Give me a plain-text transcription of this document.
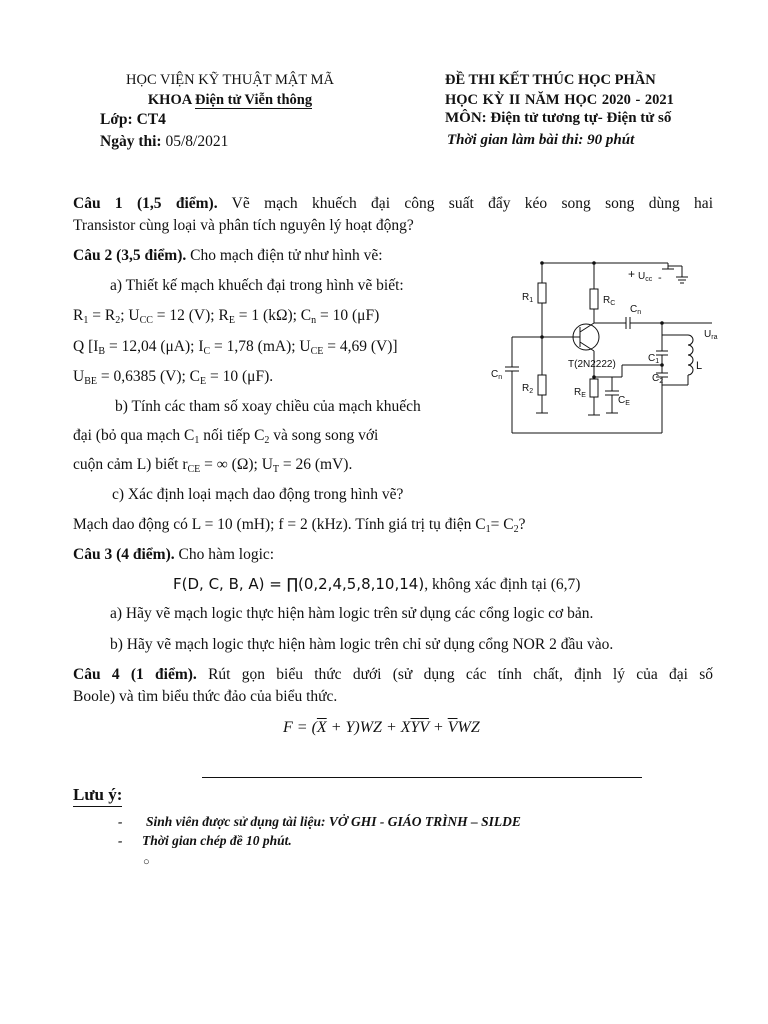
HỌC VIỆN KỸ THUẬT MẬT MÃ
KHOA Điện tử Viễn thông
Lớp: CT4
Ngày thi: 05/8/2021
ĐỀ THI KẾT THÚC HỌC PHẦN
HỌC KỲ II NĂM HỌC 2020 - 2021
MÔN: Điện tử tương tự- Điện tử số
Thời gian làm bài thi: 90 phút
Câu 1 (1,5 điểm). Vẽ mạch khuếch đại công suất đẩy kéo song song dùng hai
Transistor cùng loại và phân tích nguyên lý hoạt động?
Câu 2 (3,5 điểm). Cho mạch điện tử như hình vẽ:
a) Thiết kế mạch khuếch đại trong hình vẽ biết:
$R_1 = R_2$; $U_{CC} = 12$ (V); $R_E = 1$ (kΩ); $C_n = 10$ (μF)
Q [$I_B = 12,04$ (μA); $I_C = 1,78$ (mA); $U_{CE} = 4,69$ (V)]
$U_{BE} = 0,6385$ (V); $C_E = 10$ (μF).
b) Tính các tham số xoay chiều của mạch khuếch
đại (bỏ qua mạch $C_1$ nối tiếp $C_2$ và song song với
cuộn cảm L) biết $r_{CE}$ = ∞ (Ω); $U_T = 26$ (mV).
c) Xác định loại mạch dao động trong hình vẽ?
Mạch dao động có L = 10 (mH); f = 2 (kHz). Tính giá trị tụ điện $C_1= C_2$?
$R_1$
$R_2$
$R_C$
$R_E$	$C_E$
$C_n$
$C_n$
$C_1$
$C_2$
L
+ $U_{cc}$ -
$U_{ra}$
T(2N2222)
Câu 3 (4 điểm). Cho hàm logic:
F(D, C, B, A) = ∏(0,2,4,5,8,10,14), không xác định tại (6,7)
a) Hãy vẽ mạch logic thực hiện hàm logic trên sử dụng các cổng logic cơ bản.
b) Hãy vẽ mạch logic thực hiện hàm logic trên chỉ sử dụng cổng NOR 2 đầu vào.
Câu 4 (1 điểm). Rút gọn biểu thức dưới (sử dụng các tính chất, định lý của đại số
Boole) và tìm biểu thức đảo của biểu thức.
$F = (\overline{X} + Y)WZ + X\overline{Y}\overline{V} + \overline{V}WZ$
Lưu ý:
- Sinh viên được sử dụng tài liệu: VỞ GHI - GIÁO TRÌNH – SILDE
- Thời gian chép đề 10 phút.
○
